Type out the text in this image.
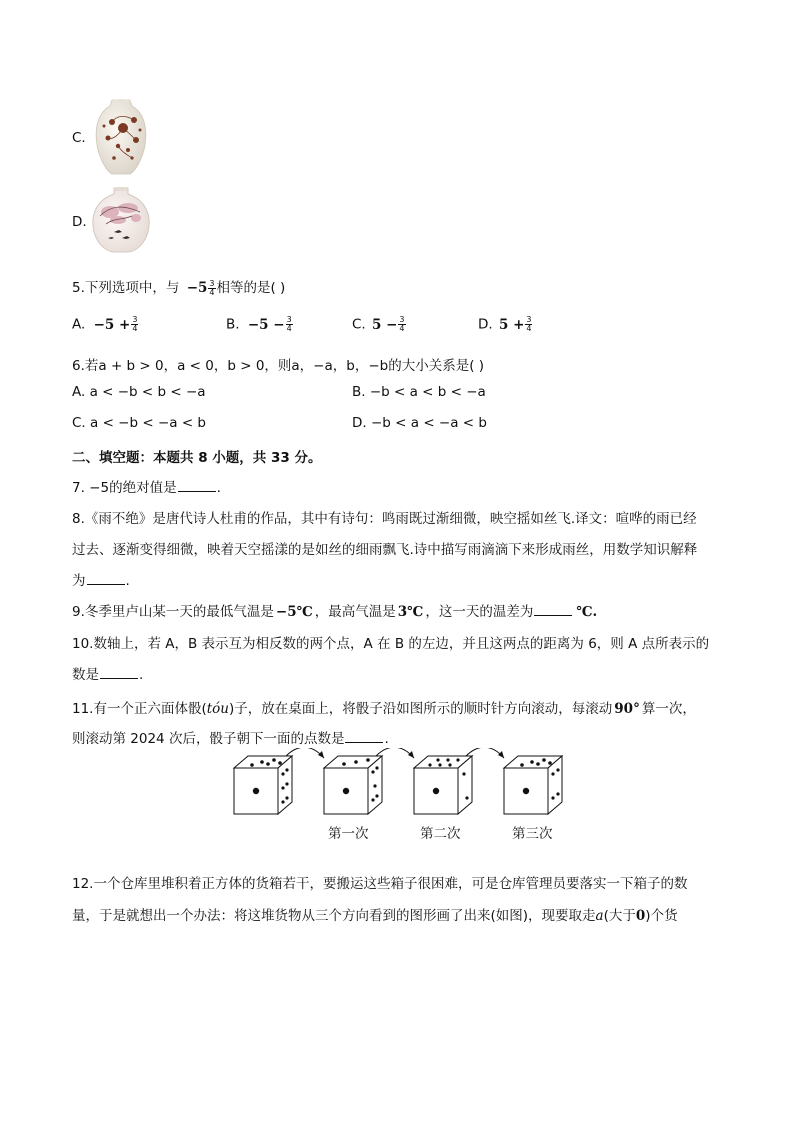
C.
D.
5.下列选项中，与 $-5 \frac{3}{4}$ 相等的是( )
A. $-5 + \frac{3}{4}$	B. $-5 - \frac{3}{4}$	C. $5 - \frac{3}{4}$	D. $5 + \frac{3}{4}$
6.若a + b > 0，a < 0，b > 0，则a，−a，b，−b的大小关系是( )
A. a < −b < b < −a	B. −b < a < b < −a
C. a < −b < −a < b	D. −b < a < −a < b
二、填空题：本题共 8 小题，共 33 分。
7. −5的绝对值是	.
8.《雨不绝》是唐代诗人杜甫的作品，其中有诗句：鸣雨既过渐细微，映空摇如丝飞.译文：喧哗的雨已经
过去、逐渐变得细微，映着天空摇漾的是如丝的细雨飘飞.诗中描写雨滴滴下来形成雨丝，用数学知识解释
为	.
9.冬季里卢山某一天的最低气温是 −5℃ ，最高气温是 3℃ ，这一天的温差为	℃.
10.数轴上，若 A，B 表示互为相反数的两个点，A 在 B 的左边，并且这两点的距离为 6，则 A 点所表示的
数是	.
11.有一个正六面体骰(tóu)子，放在桌面上，将骰子沿如图所示的顺时针方向滚动，每滚动 90° 算一次，
则滚动第 2024 次后，骰子朝下一面的点数是	.
第一次	第二次	第三次
12.一个仓库里堆积着正方体的货箱若干，要搬运这些箱子很困难，可是仓库管理员要落实一下箱子的数
量，于是就想出一个办法：将这堆货物从三个方向看到的图形画了出来(如图)，现要取走a(大于0)个货
